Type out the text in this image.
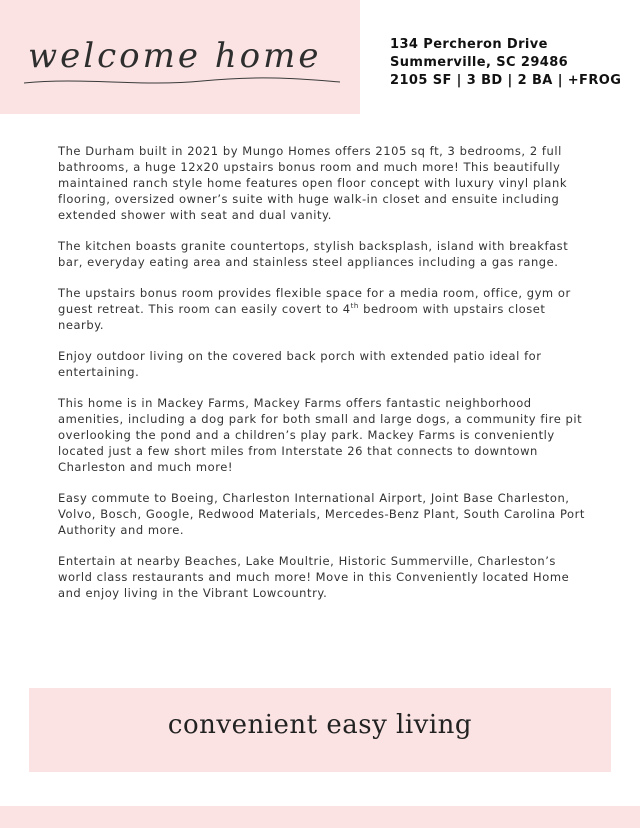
welcome home	134 Percheron Drive
Summerville, SC 29486
2105 SF | 3 BD | 2 BA | +FROG

The Durham built in 2021 by Mungo Homes offers 2105 sq ft, 3 bedrooms, 2 full bathrooms, a huge 12x20 upstairs bonus room and much more! This beautifully maintained ranch style home features open floor concept with luxury vinyl plank flooring, oversized owner’s suite with huge walk-in closet and ensuite including extended shower with seat and dual vanity.

The kitchen boasts granite countertops, stylish backsplash, island with breakfast bar, everyday eating area and stainless steel appliances including a gas range.

The upstairs bonus room provides flexible space for a media room, office, gym or guest retreat. This room can easily covert to 4th bedroom with upstairs closet nearby.

Enjoy outdoor living on the covered back porch with extended patio ideal for entertaining.

This home is in Mackey Farms, Mackey Farms offers fantastic neighborhood amenities, including a dog park for both small and large dogs, a community fire pit overlooking the pond and a children’s play park. Mackey Farms is conveniently located just a few short miles from Interstate 26 that connects to downtown Charleston and much more!

Easy commute to Boeing, Charleston International Airport, Joint Base Charleston, Volvo, Bosch, Google, Redwood Materials, Mercedes-Benz Plant, South Carolina Port Authority and more.

Entertain at nearby Beaches, Lake Moultrie, Historic Summerville, Charleston’s world class restaurants and much more! Move in this Conveniently located Home and enjoy living in the Vibrant Lowcountry.

convenient easy living
